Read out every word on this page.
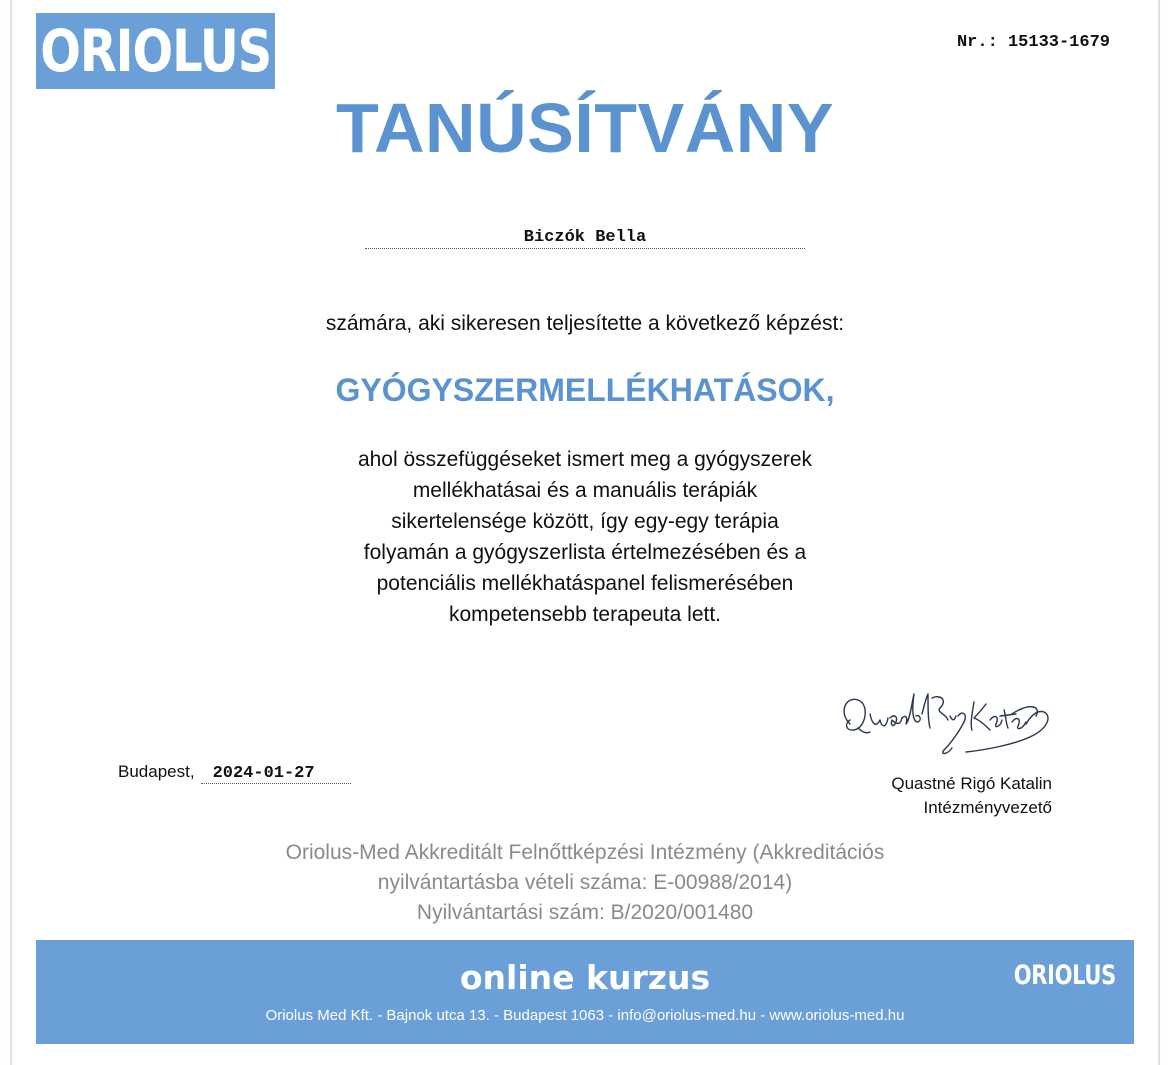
ORIOLUS	Nr.: 15133-1679
TANÚSÍTVÁNY
Biczók Bella
számára, aki sikeresen teljesítette a következő képzést:
GYÓGYSZERMELLÉKHATÁSOK,
ahol összefüggéseket ismert meg a gyógyszerek
mellékhatásai és a manuális terápiák
sikertelensége között, így egy-egy terápia
folyamán a gyógyszerlista értelmezésében és a
potenciális mellékhatáspanel felismerésében
kompetensebb terapeuta lett.
Budapest,	2024-01-27
Quastné Rigó Katalin
Intézményvezető
Oriolus-Med Akkreditált Felnőttképzési Intézmény (Akkreditációs
nyilvántartásba vételi száma: E-00988/2014)
Nyilvántartási szám: B/2020/001480
online kurzus	ORIOLUS
Oriolus Med Kft. - Bajnok utca 13. - Budapest 1063 - info@oriolus-med.hu - www.oriolus-med.hu
